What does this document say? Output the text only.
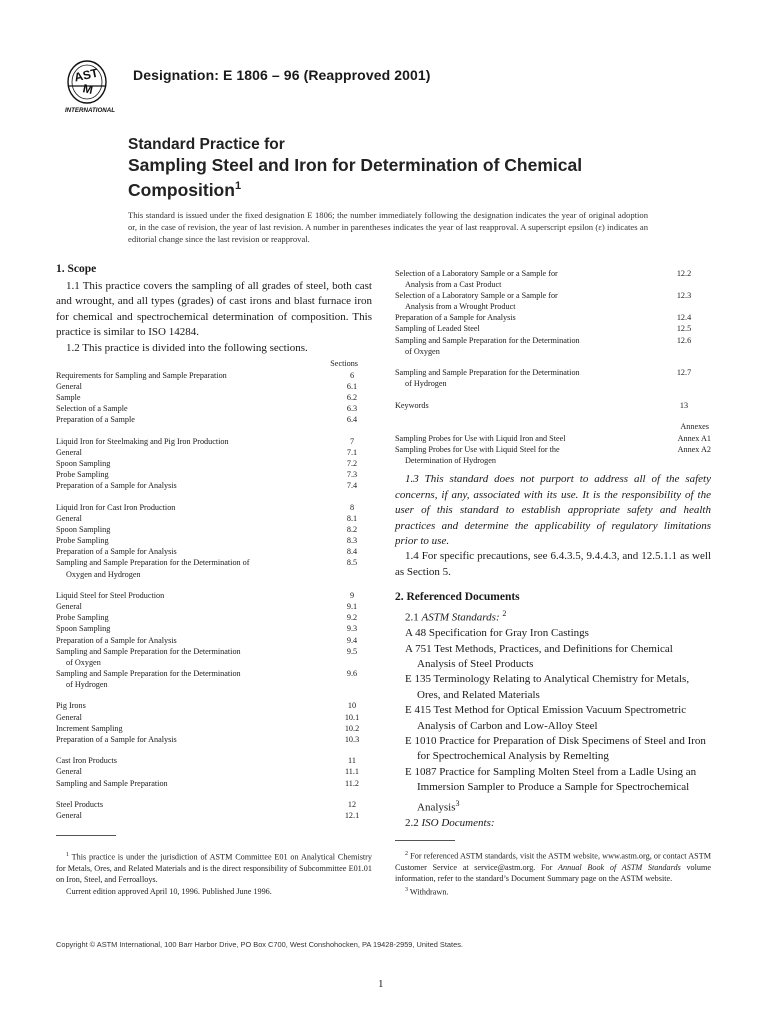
AST
M
INTERNATIONAL
Designation: E 1806 – 96 (Reapproved 2001)
Standard Practice for
Sampling Steel and Iron for Determination of Chemical
Composition$^1$
This standard is issued under the fixed designation E 1806; the number immediately following the designation indicates the year of original adoption or, in the case of revision, the year of last revision. A number in parentheses indicates the year of last reapproval. A superscript epsilon (ε) indicates an editorial change since the last revision or reapproval.
1. Scope

1.1 This practice covers the sampling of all grades of steel, both cast and wrought, and all types (grades) of cast irons and blast furnace iron for chemical and spectrochemical determination of composition. This practice is similar to ISO 14284.

1.2 This practice is divided into the following sections.

Sections
Requirements for Sampling and Sample Preparation	6
General	6.1
Sample	6.2
Selection of a Sample	6.3
Preparation of a Sample	6.4
Liquid Iron for Steelmaking and Pig Iron Production	7
General	7.1
Spoon Sampling	7.2
Probe Sampling	7.3
Preparation of a Sample for Analysis	7.4
Liquid Iron for Cast Iron Production	8
General	8.1
Spoon Sampling	8.2
Probe Sampling	8.3
Preparation of a Sample for Analysis	8.4
Sampling and Sample Preparation for the Determination of	8.5
Oxygen and Hydrogen
Liquid Steel for Steel Production	9
General	9.1
Probe Sampling	9.2
Spoon Sampling	9.3
Preparation of a Sample for Analysis	9.4
Sampling and Sample Preparation for the Determination	9.5
of Oxygen
Sampling and Sample Preparation for the Determination	9.6
of Hydrogen
Pig Irons	10
General	10.1
Increment Sampling	10.2
Preparation of a Sample for Analysis	10.3
Cast Iron Products	11
General	11.1
Sampling and Sample Preparation	11.2
Steel Products	12
General	12.1
Selection of a Laboratory Sample or a Sample for	12.2
Analysis from a Cast Product
Selection of a Laboratory Sample or a Sample for	12.3
Analysis from a Wrought Product
Preparation of a Sample for Analysis	12.4
Sampling of Leaded Steel	12.5
Sampling and Sample Preparation for the Determination	12.6
of Oxygen
Sampling and Sample Preparation for the Determination	12.7
of Hydrogen
Keywords	13
Annexes
Sampling Probes for Use with Liquid Iron and Steel	Annex A1
Sampling Probes for Use with Liquid Steel for the	Annex A2
Determination of Hydrogen

1.3 This standard does not purport to address all of the safety concerns, if any, associated with its use. It is the responsibility of the user of this standard to establish appropriate safety and health practices and determine the applicability of regulatory limitations prior to use.

1.4 For specific precautions, see 6.4.3.5, 9.4.4.3, and 12.5.1.1 as well as Section 5.

2. Referenced Documents

2.1 ASTM Standards: $^2$

A 48 Specification for Gray Iron Castings

A 751 Test Methods, Practices, and Definitions for Chemical Analysis of Steel Products

E 135 Terminology Relating to Analytical Chemistry for Metals, Ores, and Related Materials

E 415 Test Method for Optical Emission Vacuum Spectrometric Analysis of Carbon and Low-Alloy Steel

E 1010 Practice for Preparation of Disk Specimens of Steel and Iron for Spectrochemical Analysis by Remelting

E 1087 Practice for Sampling Molten Steel from a Ladle Using an Immersion Sampler to Produce a Sample for Spectrochemical Analysis$^3$

2.2 ISO Documents:

$^1$ This practice is under the jurisdiction of ASTM Committee E01 on Analytical Chemistry for Metals, Ores, and Related Materials and is the direct responsibility of Subcommittee E01.01 on Iron, Steel, and Ferroalloys.

Current edition approved April 10, 1996. Published June 1996.

$^2$ For referenced ASTM standards, visit the ASTM website, www.astm.org, or contact ASTM Customer Service at service@astm.org. For Annual Book of ASTM Standards volume information, refer to the standard’s Document Summary page on the ASTM website.

$^3$ Withdrawn.

Copyright © ASTM International, 100 Barr Harbor Drive, PO Box C700, West Conshohocken, PA 19428-2959, United States.
1
